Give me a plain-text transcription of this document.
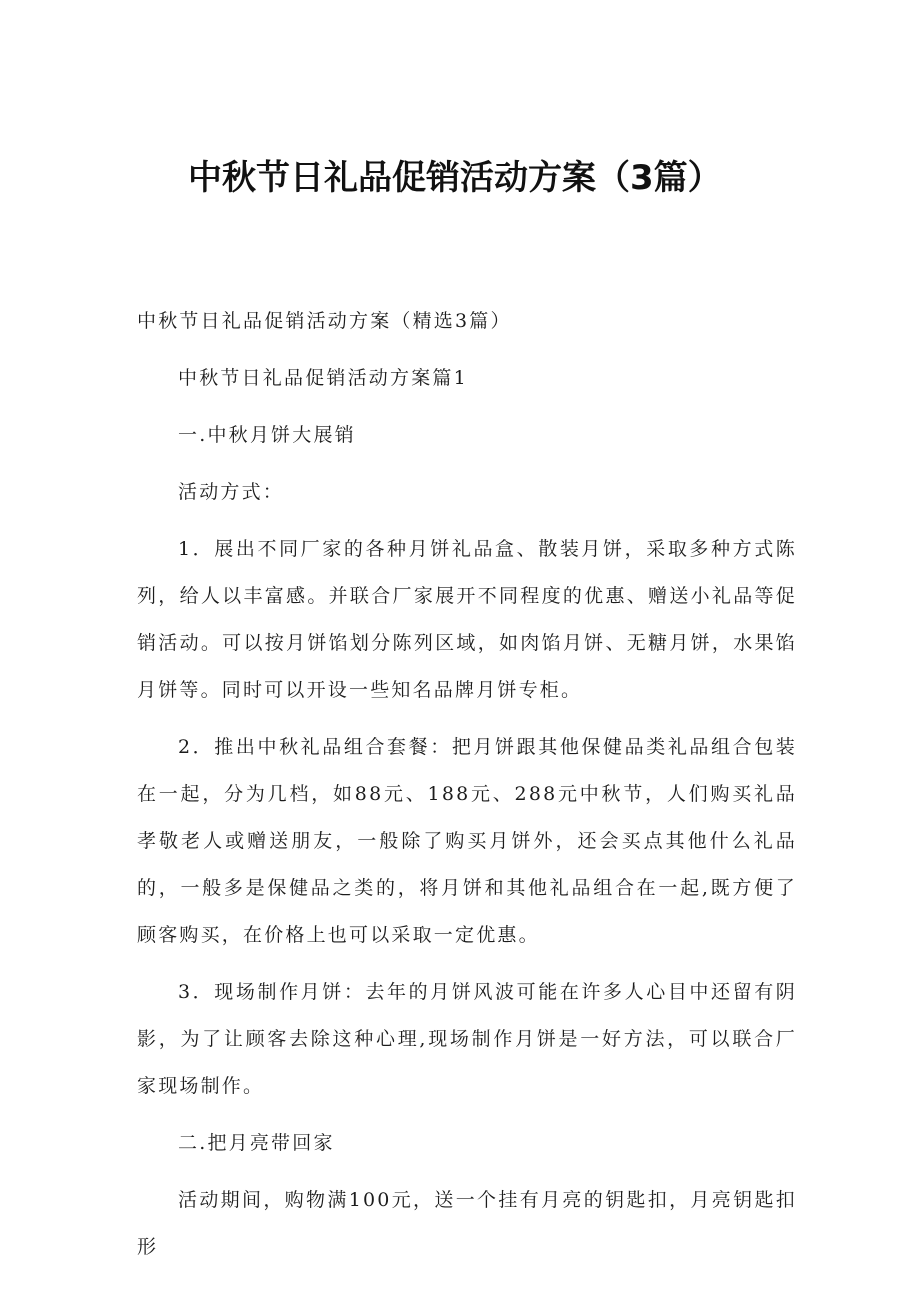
中秋节日礼品促销活动方案（3篇）

中秋节日礼品促销活动方案（精选3篇）

中秋节日礼品促销活动方案篇1

一.中秋月饼大展销

活动方式：

1．展出不同厂家的各种月饼礼品盒、散装月饼，采取多种方式陈列，给人以丰富感。并联合厂家展开不同程度的优惠、赠送小礼品等促销活动。可以按月饼馅划分陈列区域，如肉馅月饼、无糖月饼，水果馅月饼等。同时可以开设一些知名品牌月饼专柜。

2．推出中秋礼品组合套餐：把月饼跟其他保健品类礼品组合包装在一起，分为几档，如88元、188元、288元中秋节，人们购买礼品孝敬老人或赠送朋友，一般除了购买月饼外，还会买点其他什么礼品的，一般多是保健品之类的，将月饼和其他礼品组合在一起,既方便了顾客购买，在价格上也可以采取一定优惠。

3．现场制作月饼：去年的月饼风波可能在许多人心目中还留有阴影，为了让顾客去除这种心理,现场制作月饼是一好方法，可以联合厂家现场制作。

二.把月亮带回家

活动期间，购物满100元，送一个挂有月亮的钥匙扣，月亮钥匙扣形
